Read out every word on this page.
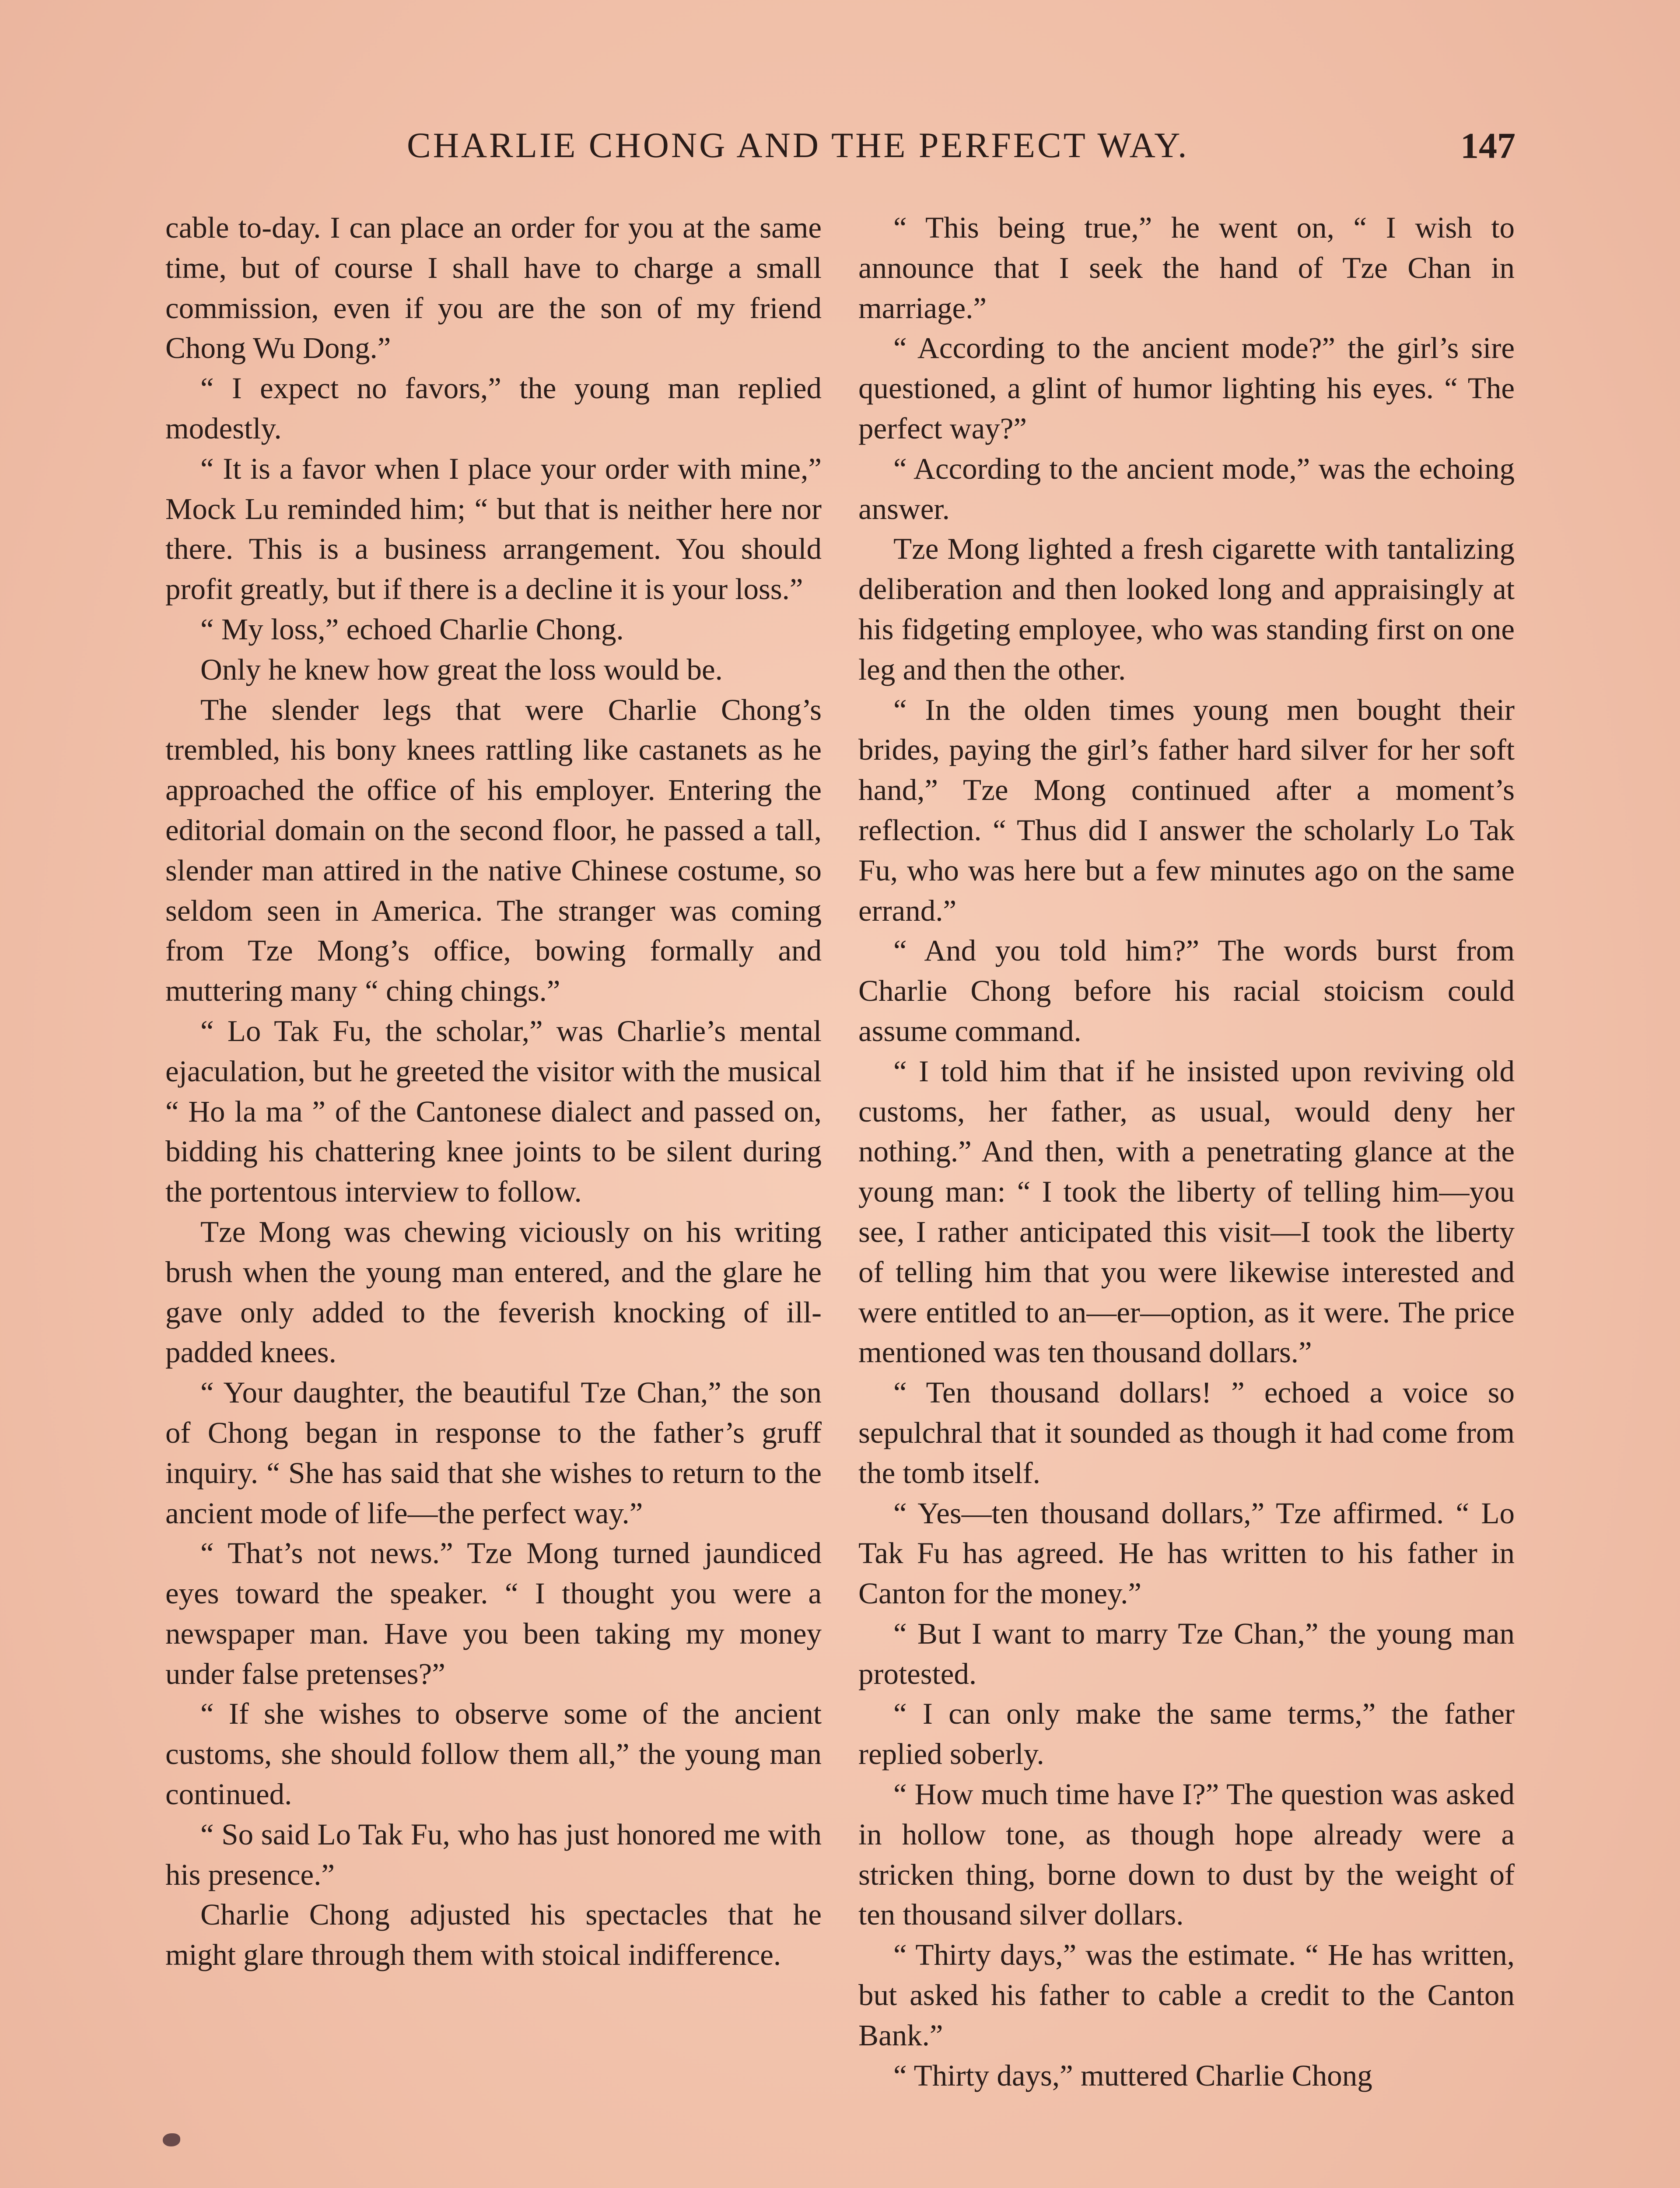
CHARLIE CHONG AND THE PERFECT WAY.	147

cable to-day. I can place an order for you at the same time, but of course I shall have to charge a small commission, even if you are the son of my friend Chong Wu Dong.”

“ I expect no favors,” the young man replied modestly.

“ It is a favor when I place your order with mine,” Mock Lu reminded him; “ but that is neither here nor there. This is a business arrangement. You should profit greatly, but if there is a decline it is your loss.”

“ My loss,” echoed Charlie Chong.

Only he knew how great the loss would be.

The slender legs that were Charlie Chong’s trembled, his bony knees rattling like castanets as he approached the office of his employer. Entering the editorial domain on the second floor, he passed a tall, slender man attired in the native Chinese costume, so seldom seen in America. The stranger was coming from Tze Mong’s office, bowing formally and muttering many “ ching chings.”

“ Lo Tak Fu, the scholar,” was Charlie’s mental ejaculation, but he greeted the visitor with the musical “ Ho la ma ” of the Cantonese dialect and passed on, bidding his chattering knee joints to be silent during the portentous interview to follow.

Tze Mong was chewing viciously on his writing brush when the young man entered, and the glare he gave only added to the feverish knocking of ill-padded knees.

“ Your daughter, the beautiful Tze Chan,” the son of Chong began in response to the father’s gruff inquiry. “ She has said that she wishes to return to the ancient mode of life—the perfect way.”

“ That’s not news.” Tze Mong turned jaundiced eyes toward the speaker. “ I thought you were a newspaper man. Have you been taking my money under false pretenses?”

“ If she wishes to observe some of the ancient customs, she should follow them all,” the young man continued.

“ So said Lo Tak Fu, who has just honored me with his presence.”

Charlie Chong adjusted his spectacles that he might glare through them with stoical indifference.

“ This being true,” he went on, “ I wish to announce that I seek the hand of Tze Chan in marriage.”

“ According to the ancient mode?” the girl’s sire questioned, a glint of humor lighting his eyes. “ The perfect way?”

“ According to the ancient mode,” was the echoing answer.

Tze Mong lighted a fresh cigarette with tantalizing deliberation and then looked long and appraisingly at his fidgeting employee, who was standing first on one leg and then the other.

“ In the olden times young men bought their brides, paying the girl’s father hard silver for her soft hand,” Tze Mong continued after a moment’s reflection. “ Thus did I answer the scholarly Lo Tak Fu, who was here but a few minutes ago on the same errand.”

“ And you told him?” The words burst from Charlie Chong before his racial stoicism could assume command.

“ I told him that if he insisted upon reviving old customs, her father, as usual, would deny her nothing.” And then, with a penetrating glance at the young man: “ I took the liberty of telling him—you see, I rather anticipated this visit—I took the liberty of telling him that you were likewise interested and were entitled to an—er—option, as it were. The price mentioned was ten thousand dollars.”

“ Ten thousand dollars! ” echoed a voice so sepulchral that it sounded as though it had come from the tomb itself.

“ Yes—ten thousand dollars,” Tze affirmed. “ Lo Tak Fu has agreed. He has written to his father in Canton for the money.”

“ But I want to marry Tze Chan,” the young man protested.

“ I can only make the same terms,” the father replied soberly.

“ How much time have I?” The question was asked in hollow tone, as though hope already were a stricken thing, borne down to dust by the weight of ten thousand silver dollars.

“ Thirty days,” was the estimate. “ He has written, but asked his father to cable a credit to the Canton Bank.”

“ Thirty days,” muttered Charlie Chong
